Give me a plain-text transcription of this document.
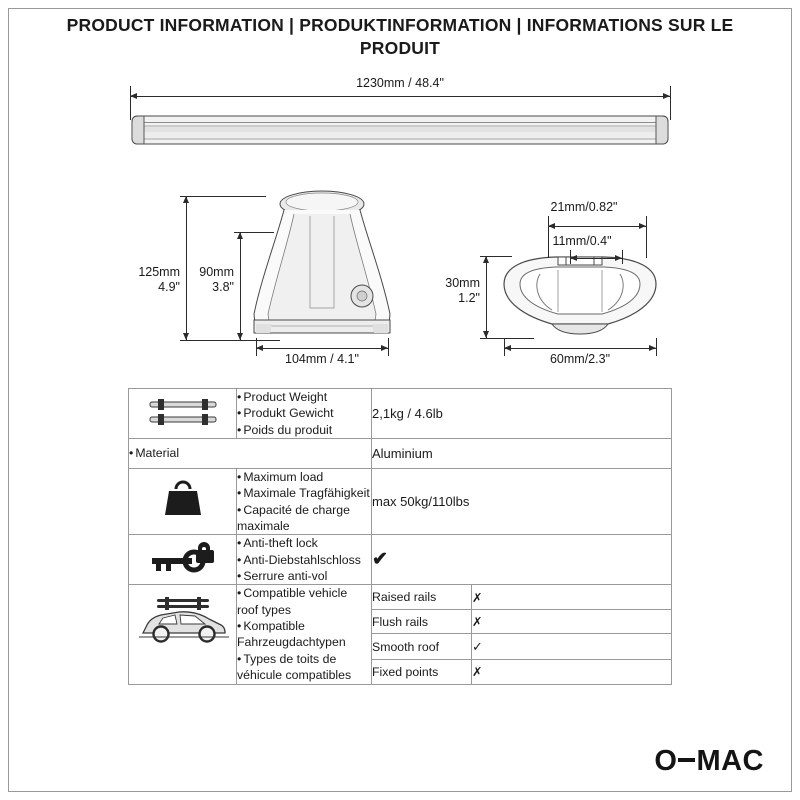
PRODUCT INFORMATION | PRODUKTINFORMATION | INFORMATIONS SUR LE PRODUIT
1230mm / 48.4"
125mm
4.9"
90mm
3.8"
104mm / 4.1"
21mm/0.82"
11mm/0.4"
30mm
1.2"
60mm/2.3"

• Product Weight
• Produkt Gewicht
• Poids du produit
	2,1kg / 4.6lb

• Material	Aluminium

• Maximum load
• Maximale Tragfähigkeit
• Capacité de charge maximale
	max 50kg/110lbs

• Anti-theft lock
• Anti-Diebstahlschloss
• Serrure anti-vol
	✔

• Compatible vehicle roof types
• Kompatible Fahrzeugdachtypen
• Types de toits de véhicule compatibles
	Raised rails	✗
		Flush rails	✗
		Smooth roof	✓
		Fixed points	✗
O MAC
